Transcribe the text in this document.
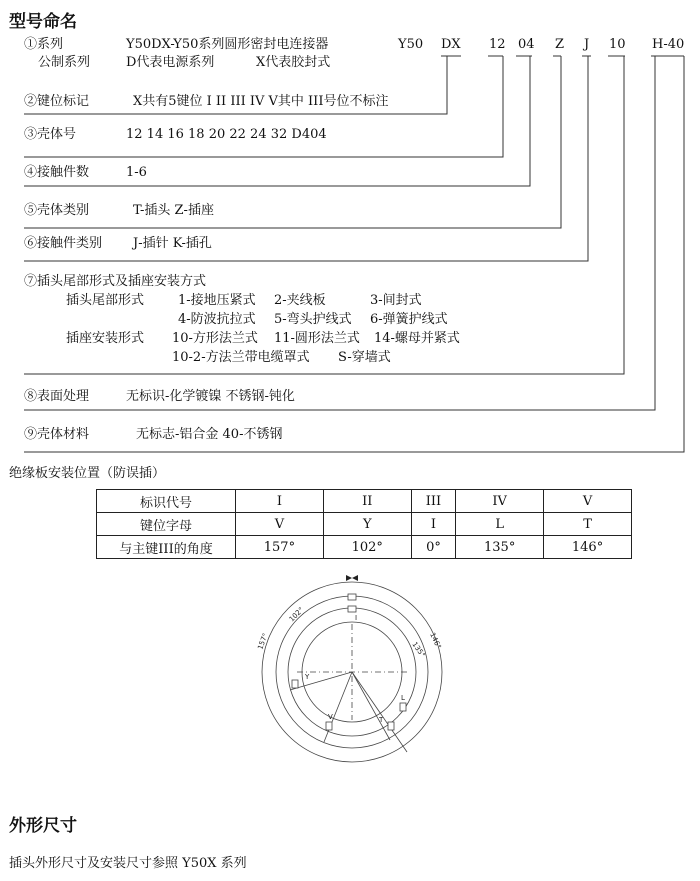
型号命名
Y50 DX 12 04 Z J 10 H-40
①系列	Y50DX-Y50系列圆形密封电连接器
公制系列	D代表电源系列	X代表胶封式
②键位标记	X共有5键位 I II III IV V其中 III号位不标注
③壳体号	12 14 16 18 20 22 24 32 D404
④接触件数	1-6
⑤壳体类别	T-插头 Z-插座
⑥接触件类别 J-插针 K-插孔
⑦插头尾部形式及插座安装方式
插头尾部形式	1-接地压紧式 2-夹线板	3-间封式
4-防波抗拉式 5-弯头护线式 6-弹簧护线式
插座安装形式 10-方形法兰式 11-圆形法兰式 14-螺母并紧式
10-2-方法兰带电缆罩式 S-穿墙式
⑧表面处理	无标识-化学镀镍 不锈钢-钝化
⑨壳体材料	无标志-铝合金 40-不锈钢
绝缘板安装位置（防误插）
标识代号	I	II	III	IV	V
键位字母	V	Y	I	L	T
与主键III的角度	157°	102°	0°	135°	146°
157°
102°
146°
135°
I
Y
V	T
L
外形尺寸
插头外形尺寸及安装尺寸参照 Y50X 系列
